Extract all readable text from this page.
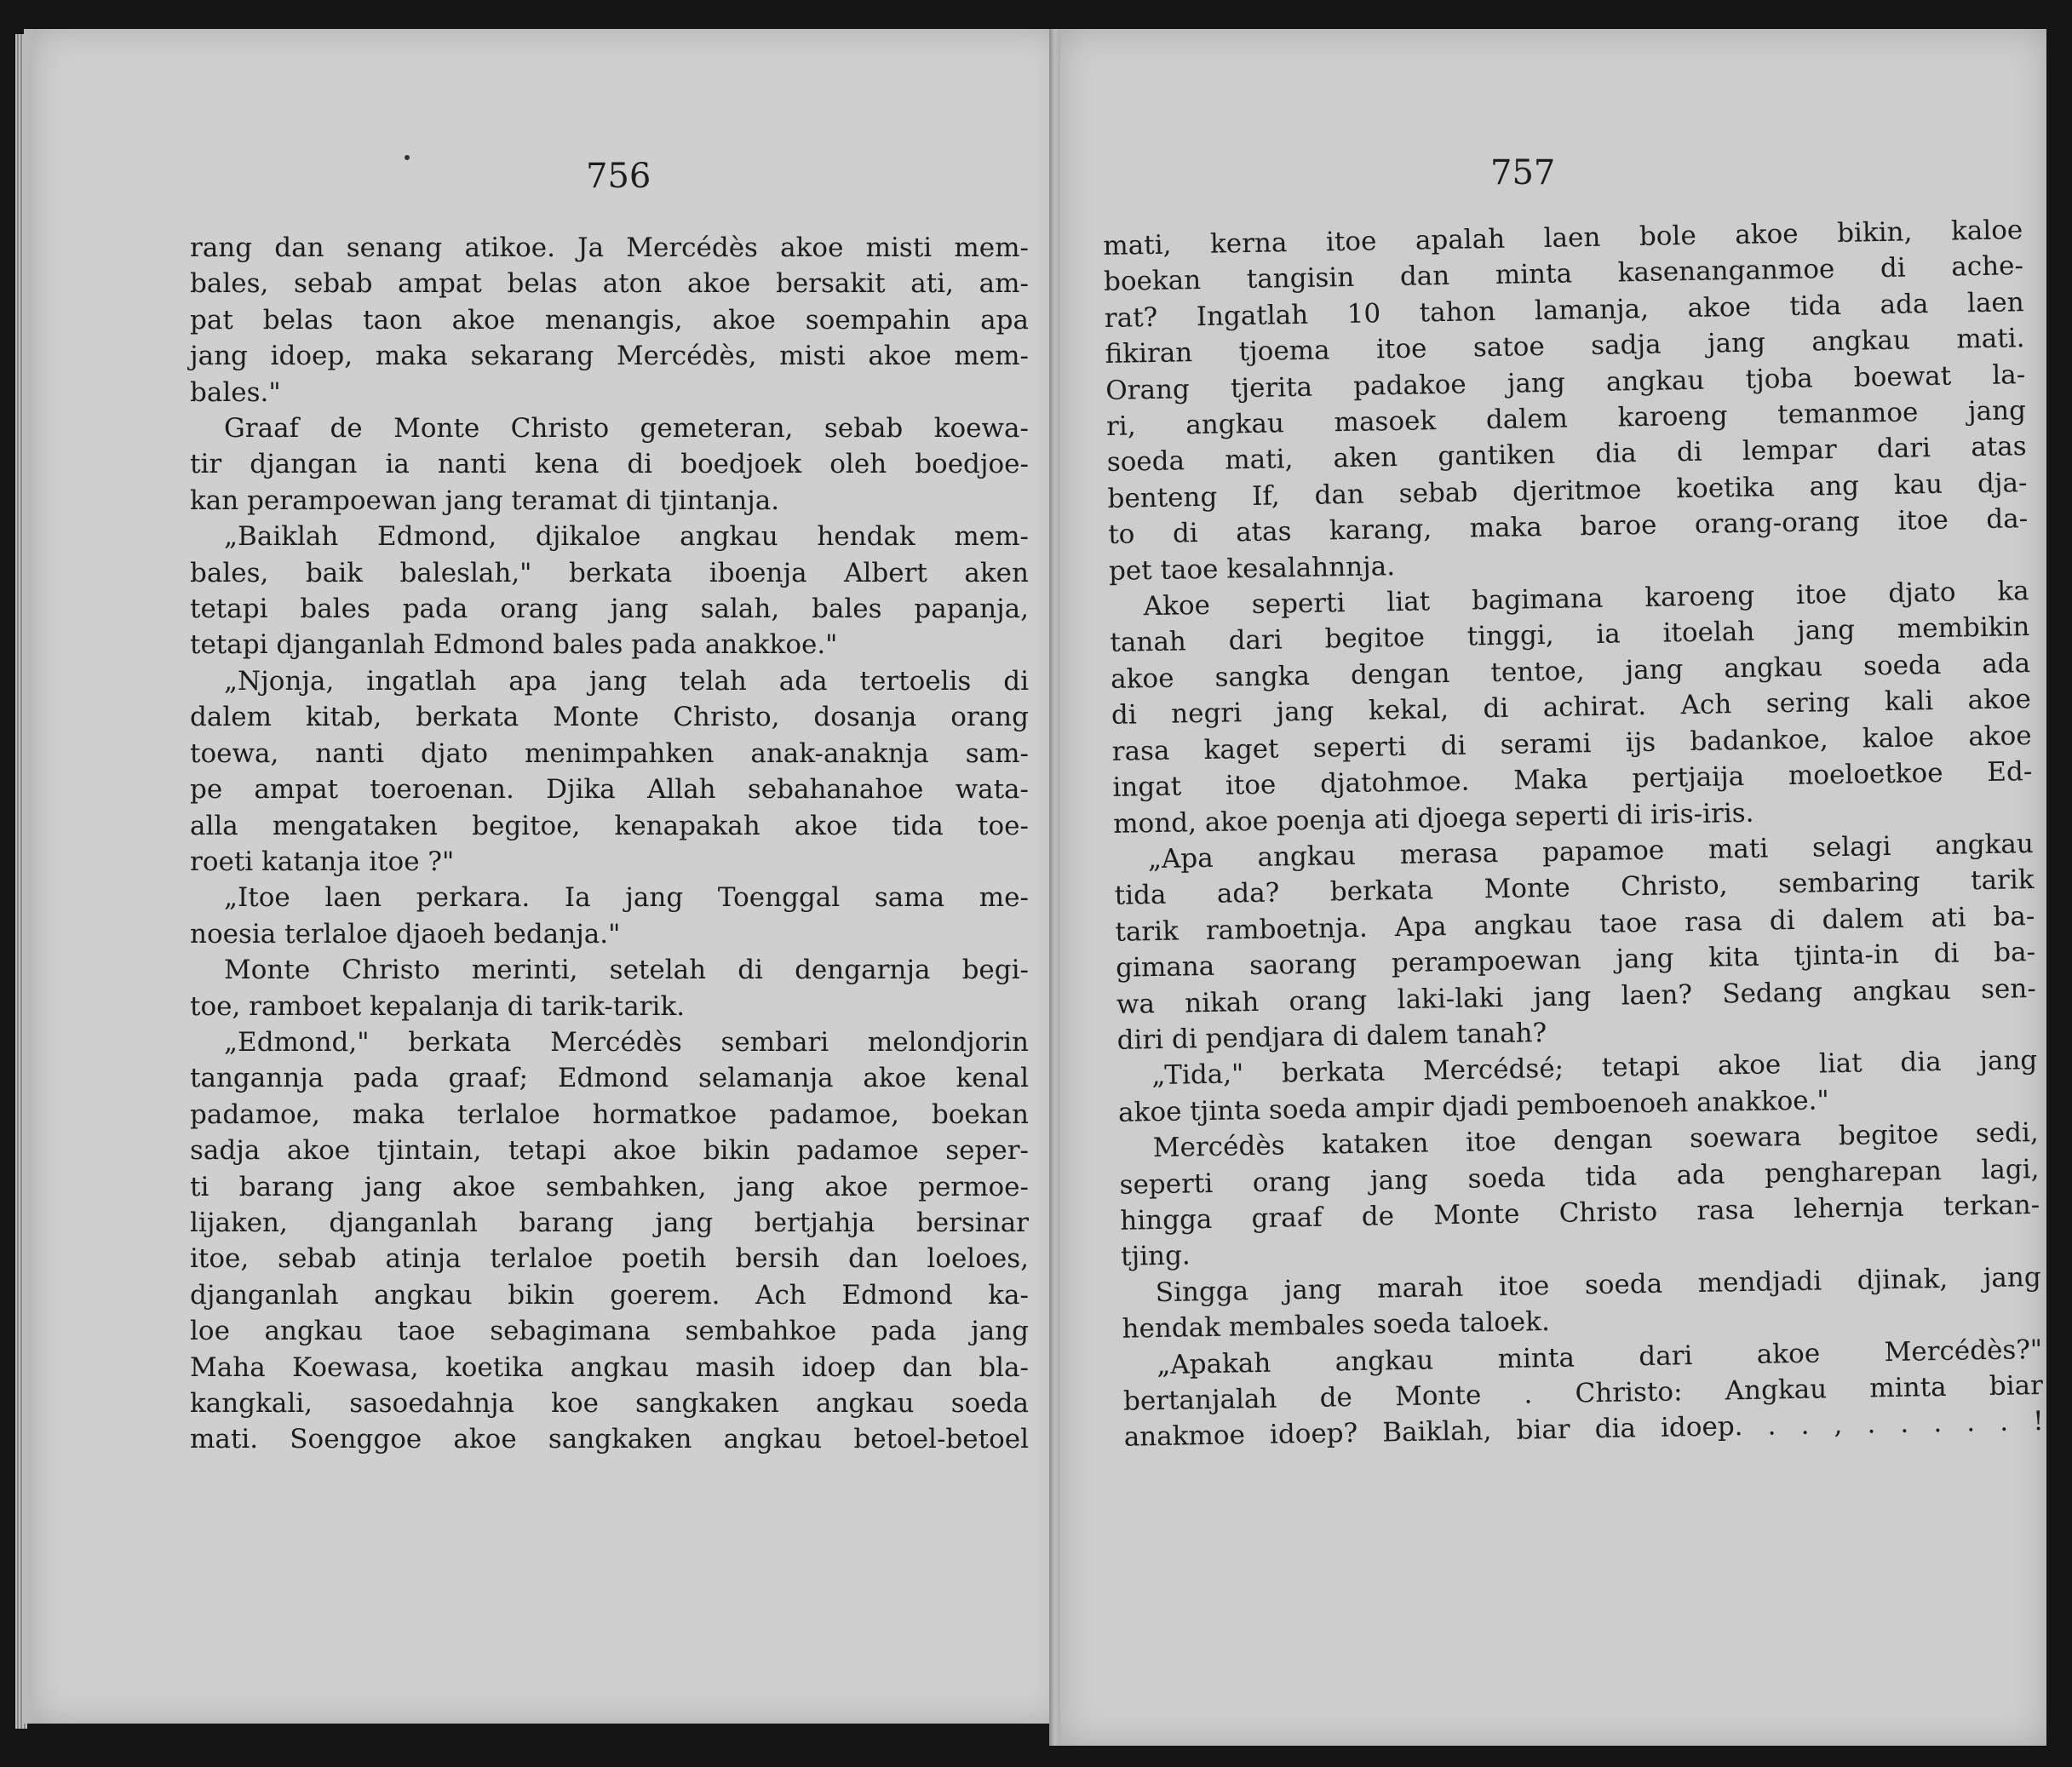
756
rang dan senang atikoe. Ja Mercédès akoe misti mem-
bales, sebab ampat belas aton akoe bersakit ati, am-
pat belas taon akoe menangis, akoe soempahin apa
jang idoep, maka sekarang Mercédès, misti akoe mem-
bales."
Graaf de Monte Christo gemeteran, sebab koewa-
tir djangan ia nanti kena di boedjoek oleh boedjoe-
kan perampoewan jang teramat di tjintanja.
„Baiklah Edmond, djikaloe angkau hendak mem-
bales, baik baleslah," berkata iboenja Albert aken
tetapi bales pada orang jang salah, bales papanja,
tetapi djanganlah Edmond bales pada anakkoe."
„Njonja, ingatlah apa jang telah ada tertoelis di
dalem kitab, berkata Monte Christo, dosanja orang
toewa, nanti djato menimpahken anak-anaknja sam-
pe ampat toeroenan. Djika Allah sebahanahoe wata-
alla mengataken begitoe, kenapakah akoe tida toe-
roeti katanja itoe ?"
„Itoe laen perkara. Ia jang Toenggal sama me-
noesia terlaloe djaoeh bedanja."
Monte Christo merinti, setelah di dengarnja begi-
toe, ramboet kepalanja di tarik-tarik.
„Edmond," berkata Mercédès sembari melondjorin
tangannja pada graaf; Edmond selamanja akoe kenal
padamoe, maka terlaloe hormatkoe padamoe, boekan
sadja akoe tjintain, tetapi akoe bikin padamoe seper-
ti barang jang akoe sembahken, jang akoe permoe-
lijaken, djanganlah barang jang bertjahja bersinar
itoe, sebab atinja terlaloe poetih bersih dan loeloes,
djanganlah angkau bikin goerem. Ach Edmond ka-
loe angkau taoe sebagimana sembahkoe pada jang
Maha Koewasa, koetika angkau masih idoep dan bla-
kangkali, sasoedahnja koe sangkaken angkau soeda
mati. Soenggoe akoe sangkaken angkau betoel-betoel
757
mati, kerna itoe apalah laen bole akoe bikin, kaloe
boekan tangisin dan minta kasenanganmoe di ache-
rat? Ingatlah 10 tahon lamanja, akoe tida ada laen
fikiran tjoema itoe satoe sadja jang angkau mati.
Orang tjerita padakoe jang angkau tjoba boewat la-
ri, angkau masoek dalem karoeng temanmoe jang
soeda mati, aken gantiken dia di lempar dari atas
benteng If, dan sebab djeritmoe koetika ang kau dja-
to di atas karang, maka baroe orang-orang itoe da-
pet taoe kesalahnnja.
Akoe seperti liat bagimana karoeng itoe djato ka
tanah dari begitoe tinggi, ia itoelah jang membikin
akoe sangka dengan tentoe, jang angkau soeda ada
di negri jang kekal, di achirat. Ach sering kali akoe
rasa kaget seperti di serami ijs badankoe, kaloe akoe
ingat itoe djatohmoe. Maka pertjaija moeloetkoe Ed-
mond, akoe poenja ati djoega seperti di iris-iris.
„Apa angkau merasa papamoe mati selagi angkau
tida ada? berkata Monte Christo, sembaring tarik
tarik ramboetnja. Apa angkau taoe rasa di dalem ati ba-
gimana saorang perampoewan jang kita tjinta-in di ba-
wa nikah orang laki-laki jang laen? Sedang angkau sen-
diri di pendjara di dalem tanah?
„Tida," berkata Mercédsé; tetapi akoe liat dia jang
akoe tjinta soeda ampir djadi pemboenoeh anakkoe."
Mercédès kataken itoe dengan soewara begitoe sedi,
seperti orang jang soeda tida ada pengharepan lagi,
hingga graaf de Monte Christo rasa lehernja terkan-
tjing.
Singga jang marah itoe soeda mendjadi djinak, jang
hendak membales soeda taloek.
„Apakah angkau minta dari akoe Mercédès?"
bertanjalah de Monte . Christo: Angkau minta biar
anakmoe idoep? Baiklah, biar dia idoep. . . , . . . . . !
